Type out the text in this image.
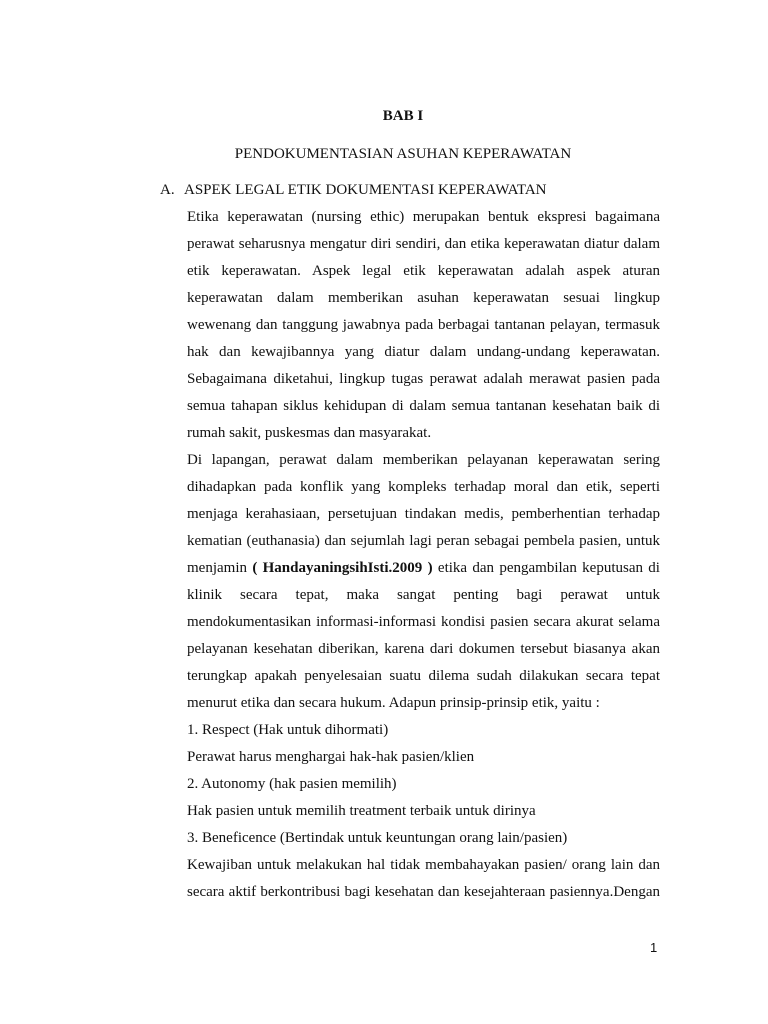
BAB I
PENDOKUMENTASIAN ASUHAN KEPERAWATAN
A. ASPEK LEGAL ETIK DOKUMENTASI KEPERAWATAN

Etika keperawatan (nursing ethic) merupakan bentuk ekspresi bagaimana perawat seharusnya mengatur diri sendiri, dan etika keperawatan diatur dalam etik keperawatan. Aspek legal etik keperawatan adalah aspek aturan keperawatan dalam memberikan asuhan keperawatan sesuai lingkup wewenang dan tanggung jawabnya pada berbagai tantanan pelayan, termasuk hak dan kewajibannya yang diatur dalam undang-undang keperawatan. Sebagaimana diketahui, lingkup tugas perawat adalah merawat pasien pada semua tahapan siklus kehidupan di dalam semua tantanan kesehatan baik di rumah sakit, puskesmas dan masyarakat.

Di lapangan, perawat dalam memberikan pelayanan keperawatan sering dihadapkan pada konflik yang kompleks terhadap moral dan etik, seperti menjaga kerahasiaan, persetujuan tindakan medis, pemberhentian terhadap kematian (euthanasia) dan sejumlah lagi peran sebagai pembela pasien, untuk menjamin ( HandayaningsihIsti.2009 ) etika dan pengambilan keputusan di klinik secara tepat, maka sangat penting bagi perawat untuk mendokumentasikan informasi-informasi kondisi pasien secara akurat selama pelayanan kesehatan diberikan, karena dari dokumen tersebut biasanya akan terungkap apakah penyelesaian suatu dilema sudah dilakukan secara tepat menurut etika dan secara hukum. Adapun prinsip-prinsip etik, yaitu :

1. Respect (Hak untuk dihormati)
Perawat harus menghargai hak-hak pasien/klien
2. Autonomy (hak pasien memilih)
Hak pasien untuk memilih treatment terbaik untuk dirinya
3. Beneficence (Bertindak untuk keuntungan orang lain/pasien)

Kewajiban untuk melakukan hal tidak membahayakan pasien/ orang lain dan secara aktif berkontribusi bagi kesehatan dan kesejahteraan pasiennya.Dengan

1
